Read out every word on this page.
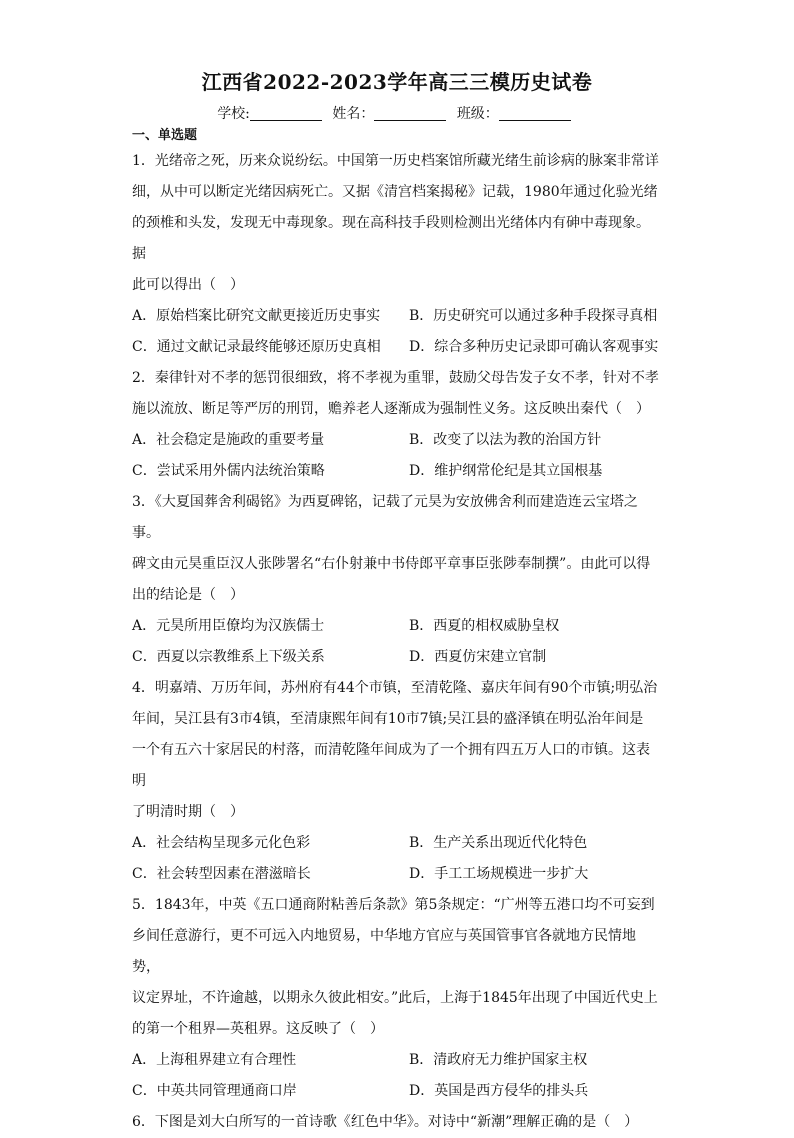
江西省2022-2023学年高三三模历史试卷
学校:	姓名：	班级：
一、单选题

1．光绪帝之死，历来众说纷纭。中国第一历史档案馆所藏光绪生前诊病的脉案非常详

细，从中可以断定光绪因病死亡。又据《清宫档案揭秘》记载，1980年通过化验光绪

的颈椎和头发，发现无中毒现象。现在高科技手段则检测出光绪体内有砷中毒现象。据

此可以得出（　）

A．原始档案比研究文献更接近历史事实	B．历史研究可以通过多种手段探寻真相
C．通过文献记录最终能够还原历史真相	D．综合多种历史记录即可确认客观事实

2．秦律针对不孝的惩罚很细致，将不孝视为重罪，鼓励父母告发子女不孝，针对不孝

施以流放、断足等严厉的刑罚，赡养老人逐渐成为强制性义务。这反映出秦代（　）

A．社会稳定是施政的重要考量	B．改变了以法为教的治国方针
C．尝试采用外儒内法统治策略	D．维护纲常伦纪是其立国根基

3．《大夏国葬舍利碣铭》为西夏碑铭，记载了元昊为安放佛舍利而建造连云宝塔之事。

碑文由元昊重臣汉人张陟署名“右仆射兼中书侍郎平章事臣张陟奉制撰”。由此可以得

出的结论是（　）

A．元昊所用臣僚均为汉族儒士	B．西夏的相权威胁皇权
C．西夏以宗教维系上下级关系	D．西夏仿宋建立官制

4．明嘉靖、万历年间，苏州府有44个市镇，至清乾隆、嘉庆年间有90个市镇;明弘治

年间，吴江县有3市4镇，至清康熙年间有10市7镇;吴江县的盛泽镇在明弘治年间是

一个有五六十家居民的村落，而清乾隆年间成为了一个拥有四五万人口的市镇。这表明

了明清时期（　）

A．社会结构呈现多元化色彩	B．生产关系出现近代化特色
C．社会转型因素在潜滋暗长	D．手工工场规模进一步扩大

5．1843年，中英《五口通商附粘善后条款》第5条规定：“广州等五港口均不可妄到

乡间任意游行，更不可远入内地贸易，中华地方官应与英国管事官各就地方民情地势，

议定界址，不许逾越，以期永久彼此相安。”此后，上海于1845年出现了中国近代史上

的第一个租界—英租界。这反映了（　）

A．上海租界建立有合理性	B．清政府无力维护国家主权
C．中英共同管理通商口岸	D．英国是西方侵华的排头兵

6．下图是刘大白所写的一首诗歌《红色中华》。对诗中“新潮”理解正确的是（　）
